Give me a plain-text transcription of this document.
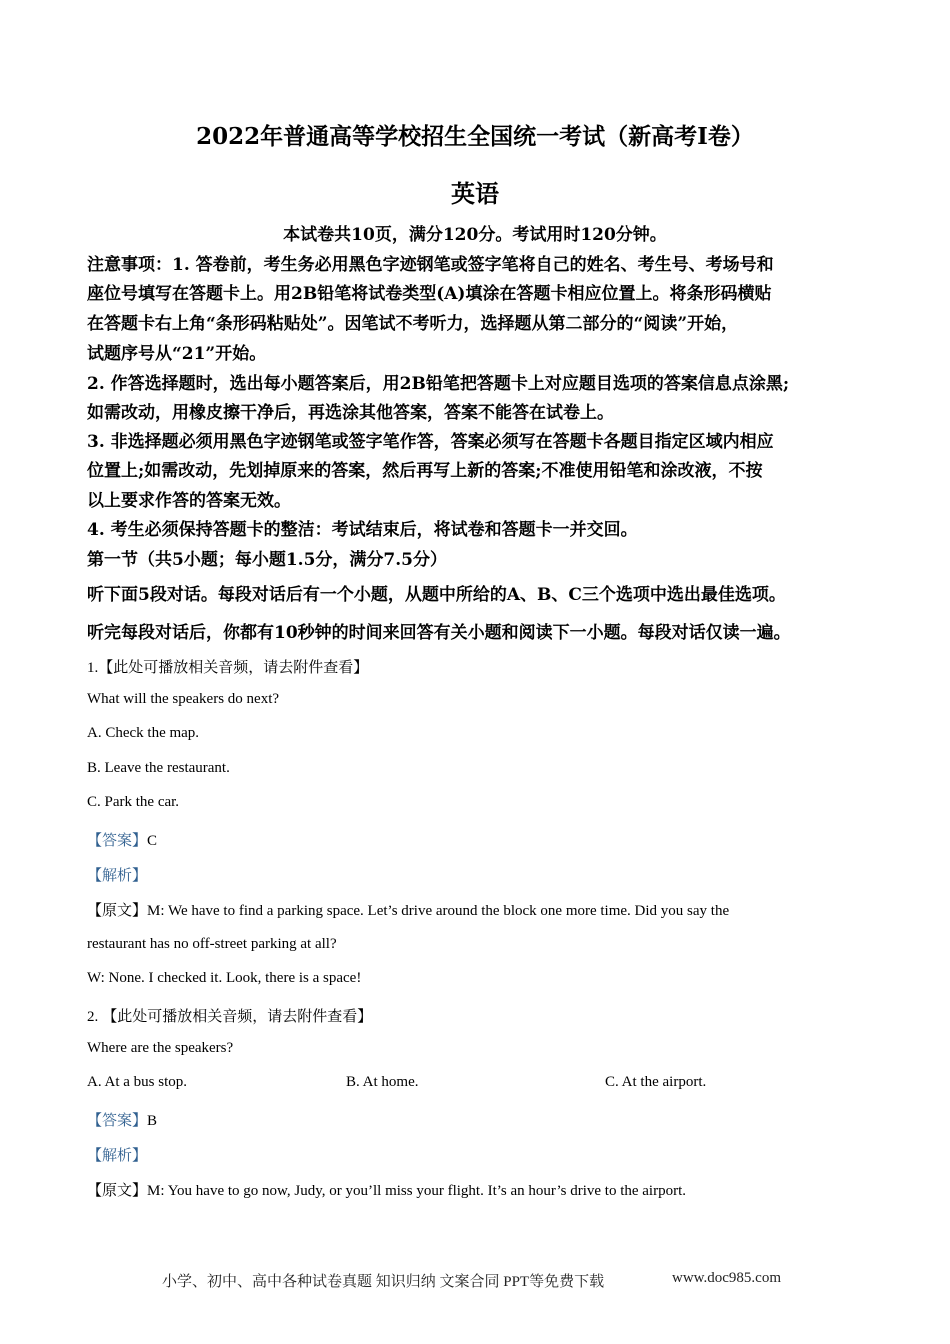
2022年普通高等学校招生全国统一考试（新高考Ⅰ卷）
英语
本试卷共10页，满分120分。考试用时120分钟。
注意事项：1. 答卷前，考生务必用黑色字迹钢笔或签字笔将自己的姓名、考生号、考场号和
座位号填写在答题卡上。用2B铅笔将试卷类型(A)填涂在答题卡相应位置上。将条形码横贴
在答题卡右上角“条形码粘贴处”。因笔试不考听力，选择题从第二部分的“阅读”开始，
试题序号从“21”开始。
2. 作答选择题时，选出每小题答案后，用2B铅笔把答题卡上对应题目选项的答案信息点涂黑;
如需改动，用橡皮擦干净后，再选涂其他答案，答案不能答在试卷上。
3. 非选择题必须用黑色字迹钢笔或签字笔作答，答案必须写在答题卡各题目指定区域内相应
位置上;如需改动，先划掉原来的答案，然后再写上新的答案;不准使用铅笔和涂改液，不按
以上要求作答的答案无效。
4. 考生必须保持答题卡的整洁：考试结束后，将试卷和答题卡一并交回。
第一节（共5小题；每小题1.5分，满分7.5分）
听下面5段对话。每段对话后有一个小题，从题中所给的A、B、C三个选项中选出最佳选项。
听完每段对话后，你都有10秒钟的时间来回答有关小题和阅读下一小题。每段对话仅读一遍。
1.【此处可播放相关音频，请去附件查看】
What will the speakers do next?
A. Check the map.
B. Leave the restaurant.
C. Park the car.
【答案】C
【解析】
【原文】M: We have to find a parking space. Let’s drive around the block one more time. Did you say the
restaurant has no off-street parking at all?
W: None. I checked it. Look, there is a space!
2. 【此处可播放相关音频，请去附件查看】
Where are the speakers?
A. At a bus stop.	B. At home.	C. At the airport.
【答案】B
【解析】
【原文】M: You have to go now, Judy, or you’ll miss your flight. It’s an hour’s drive to the airport.
小学、初中、高中各种试卷真题 知识归纳 文案合同 PPT等免费下载	www.doc985.com
